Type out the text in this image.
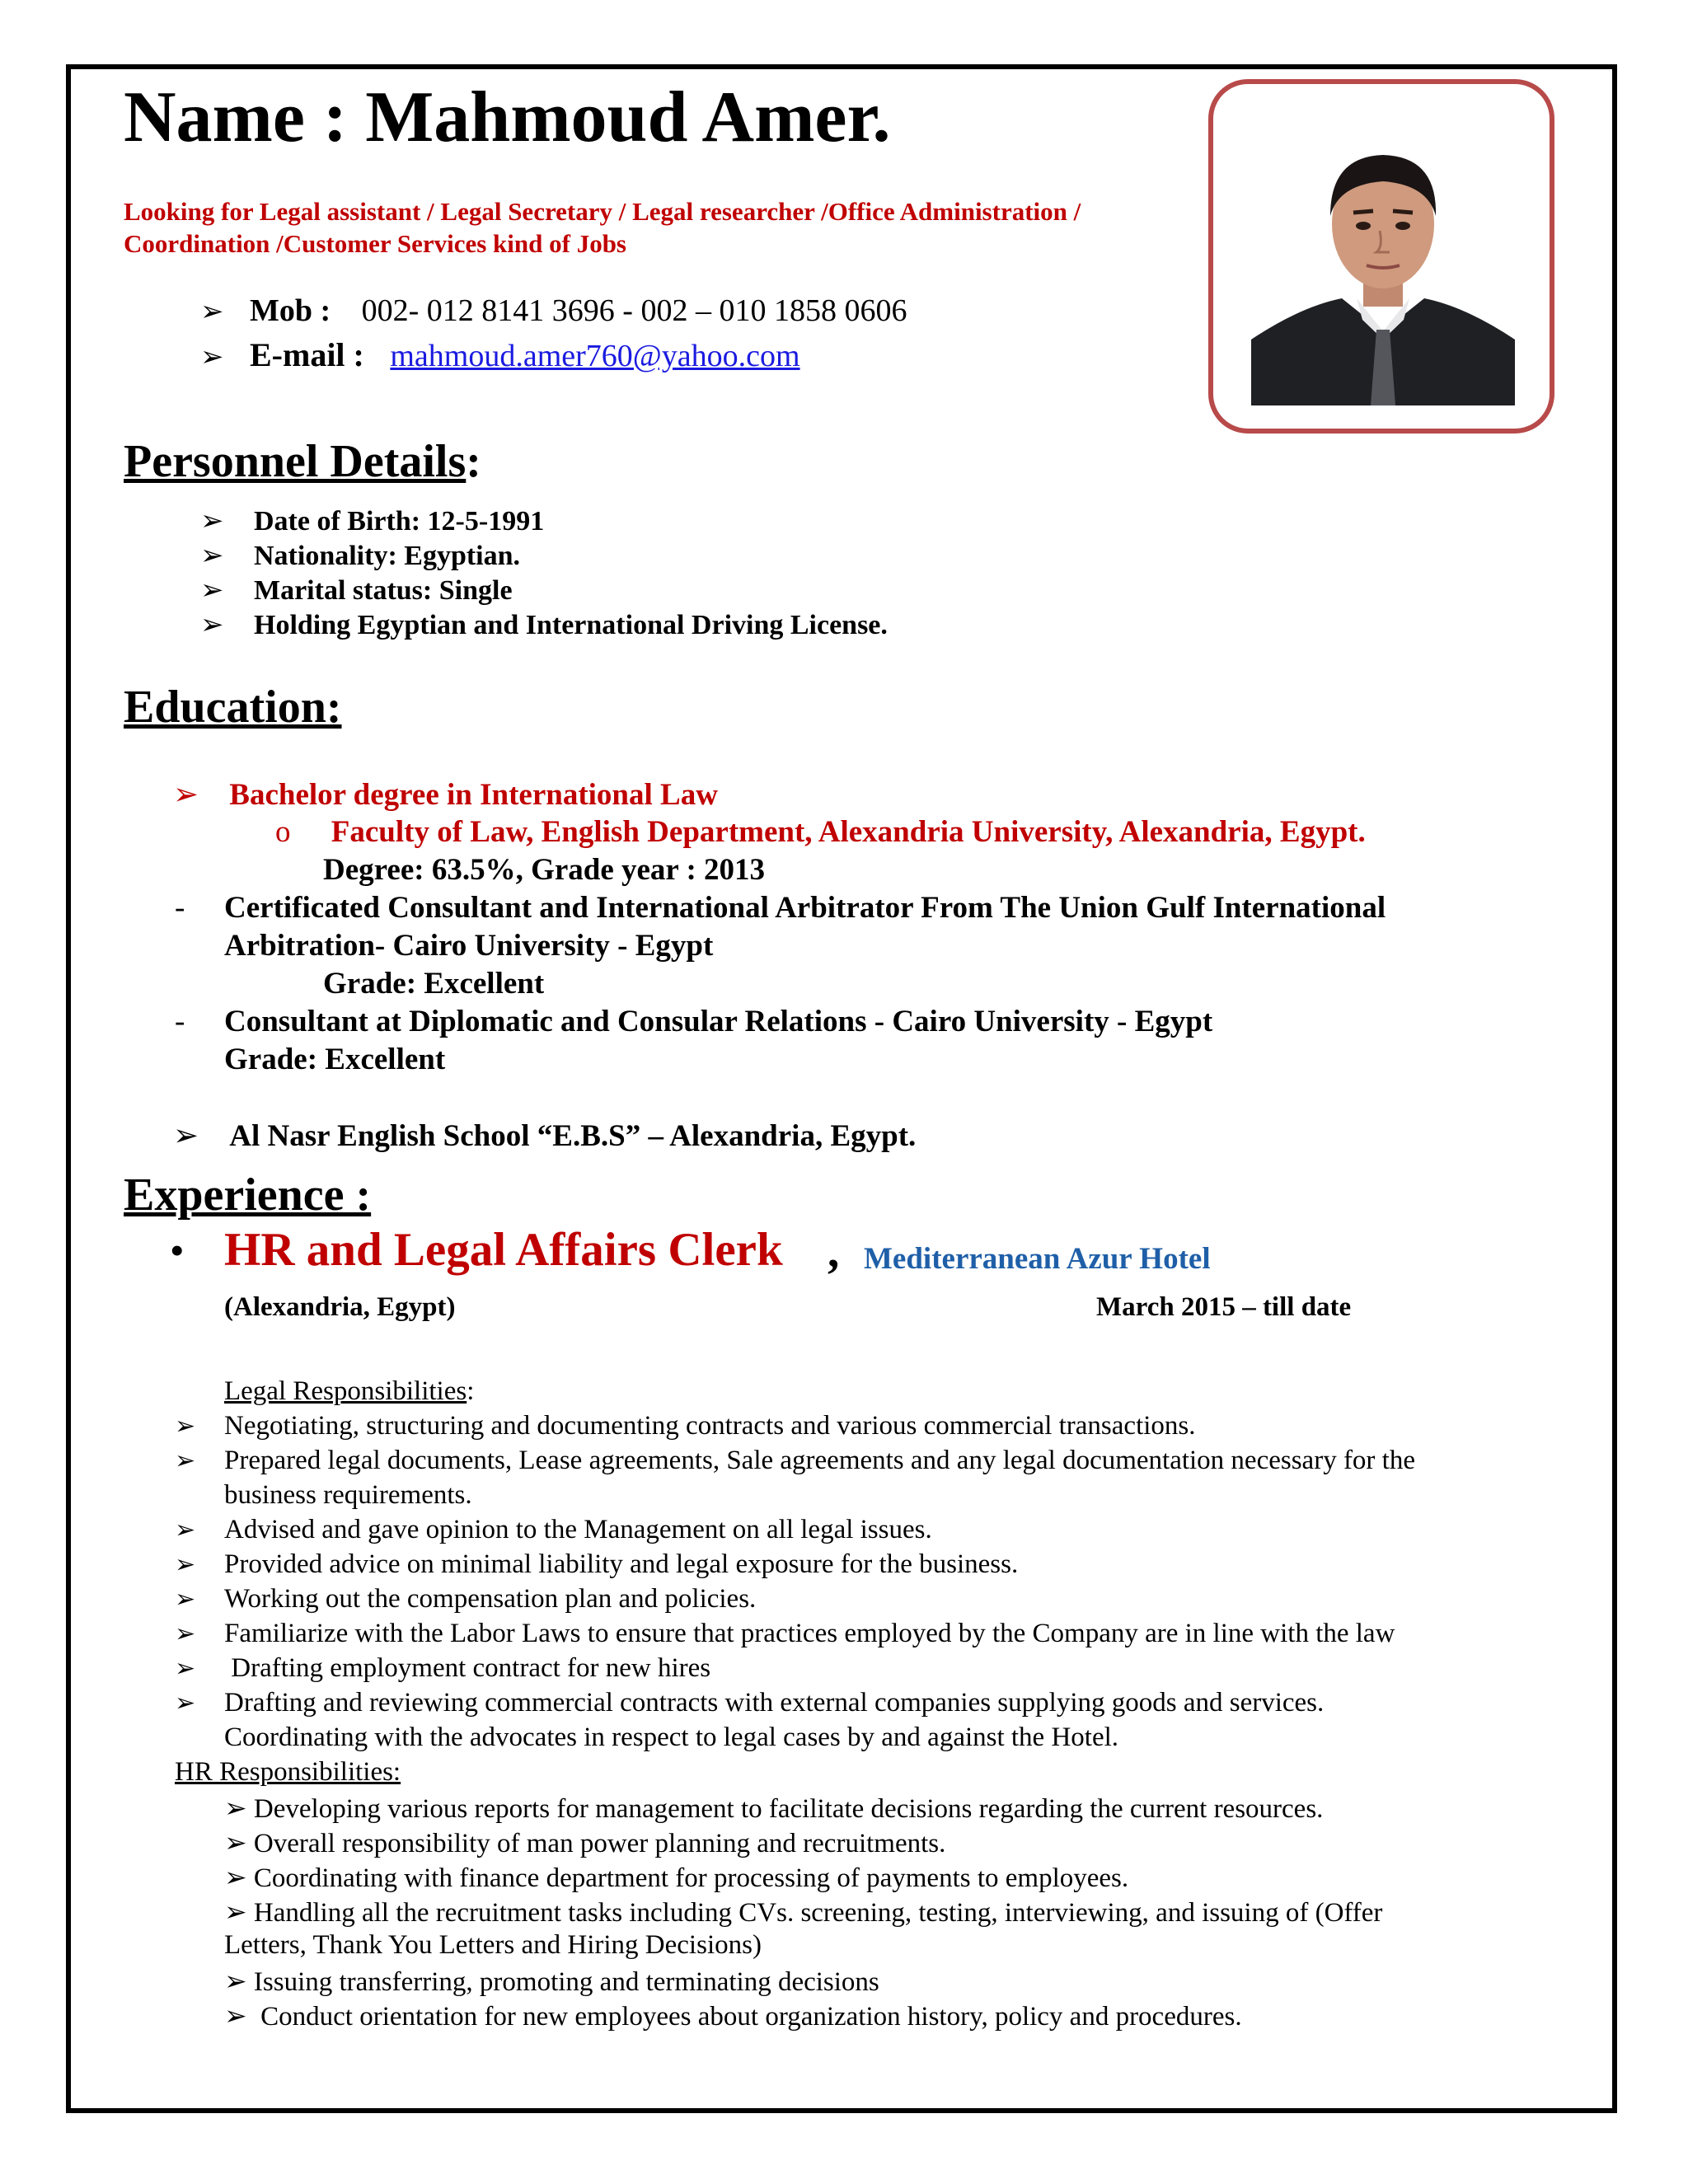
Name : Mahmoud Amer.
Looking for Legal assistant / Legal Secretary / Legal researcher /Office Administration /
Coordination /Customer Services kind of Jobs
➢ Mob : 002- 012 8141 3696 - 002 – 010 1858 0606
➢ E-mail : mahmoud.amer760@yahoo.com
Personnel Details:
➢ Date of Birth: 12-5-1991
➢ Nationality: Egyptian.
➢ Marital status: Single
➢ Holding Egyptian and International Driving License.
Education:
➢ Bachelor degree in International Law
o Faculty of Law, English Department, Alexandria University, Alexandria, Egypt.
Degree: 63.5%, Grade year : 2013
- Certificated Consultant and International Arbitrator From The Union Gulf International
Arbitration- Cairo University - Egypt
Grade: Excellent
- Consultant at Diplomatic and Consular Relations - Cairo University - Egypt
Grade: Excellent
➢ Al Nasr English School “E.B.S” – Alexandria, Egypt.
Experience :
• HR and Legal Affairs Clerk , Mediterranean Azur Hotel
(Alexandria, Egypt)	March 2015 – till date
Legal Responsibilities:
➢ Negotiating, structuring and documenting contracts and various commercial transactions.
➢ Prepared legal documents, Lease agreements, Sale agreements and any legal documentation necessary for the
business requirements.
➢ Advised and gave opinion to the Management on all legal issues.
➢ Provided advice on minimal liability and legal exposure for the business.
➢ Working out the compensation plan and policies.
➢ Familiarize with the Labor Laws to ensure that practices employed by the Company are in line with the law
➢ Drafting employment contract for new hires
➢ Drafting and reviewing commercial contracts with external companies supplying goods and services.
Coordinating with the advocates in respect to legal cases by and against the Hotel.
HR Responsibilities:
➢ Developing various reports for management to facilitate decisions regarding the current resources.
➢ Overall responsibility of man power planning and recruitments.
➢ Coordinating with finance department for processing of payments to employees.
➢ Handling all the recruitment tasks including CVs. screening, testing, interviewing, and issuing of (Offer
Letters, Thank You Letters and Hiring Decisions)
➢ Issuing transferring, promoting and terminating decisions
➢  Conduct orientation for new employees about organization history, policy and procedures.
